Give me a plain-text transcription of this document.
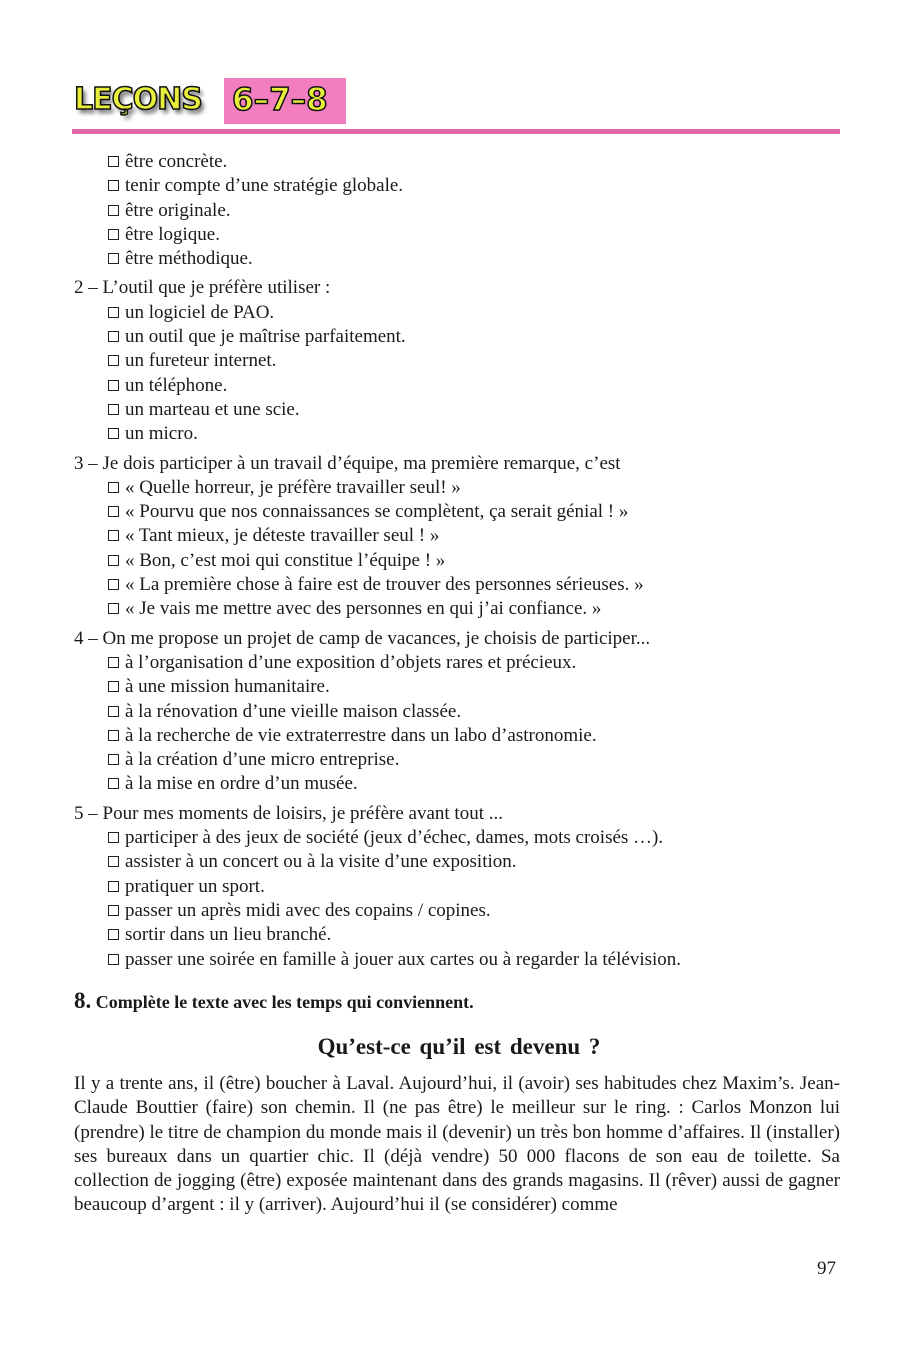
LEÇONS 6–7–8
être concrète.
tenir compte d’une stratégie globale.
être originale.
être logique.
être méthodique.
2 – L’outil que je préfère utiliser :
un logiciel de PAO.
un outil que je maîtrise parfaitement.
un fureteur internet.
un téléphone.
un marteau et une scie.
un micro.
3 – Je dois participer à un travail d’équipe, ma première remarque, c’est
« Quelle horreur, je préfère travailler seul! »
« Pourvu que nos connaissances se complètent, ça serait génial ! »
« Tant mieux, je déteste travailler seul ! »
« Bon, c’est moi qui constitue l’équipe ! »
« La première chose à faire est de trouver des personnes sérieuses. »
« Je vais me mettre avec des personnes en qui j’ai confiance. »
4 – On me propose un projet de camp de vacances, je choisis de participer...
à l’organisation d’une exposition d’objets rares et précieux.
à une mission humanitaire.
à la rénovation d’une vieille maison classée.
à la recherche de vie extraterrestre dans un labo d’astronomie.
à la création d’une micro entreprise.
à la mise en ordre d’un musée.
5 – Pour mes moments de loisirs, je préfère avant tout ...
participer à des jeux de société (jeux d’échec, dames, mots croisés …).
assister à un concert ou à la visite d’une exposition.
pratiquer un sport.
passer un après midi avec des copains / copines.
sortir dans un lieu branché.
passer une soirée en famille à jouer aux cartes ou à regarder la télévision.
8. Complète le texte avec les temps qui conviennent.
Qu’est-ce qu’il est devenu ?
Il y a trente ans, il (être) boucher à Laval. Aujourd’hui, il (avoir) ses habitudes chez Maxim’s. Jean-Claude Bouttier (faire) son chemin. Il (ne pas être) le meilleur sur le ring. : Carlos Monzon lui (prendre) le titre de champion du monde mais il (devenir) un très bon homme d’affaires. Il (installer) ses bureaux dans un quartier chic. Il (déjà vendre) 50 000 flacons de son eau de toilette. Sa collection de jogging (être) exposée maintenant dans des grands magasins. Il (rêver) aussi de gagner beaucoup d’argent : il y (arriver). Aujourd’hui il (se considérer) comme
97
